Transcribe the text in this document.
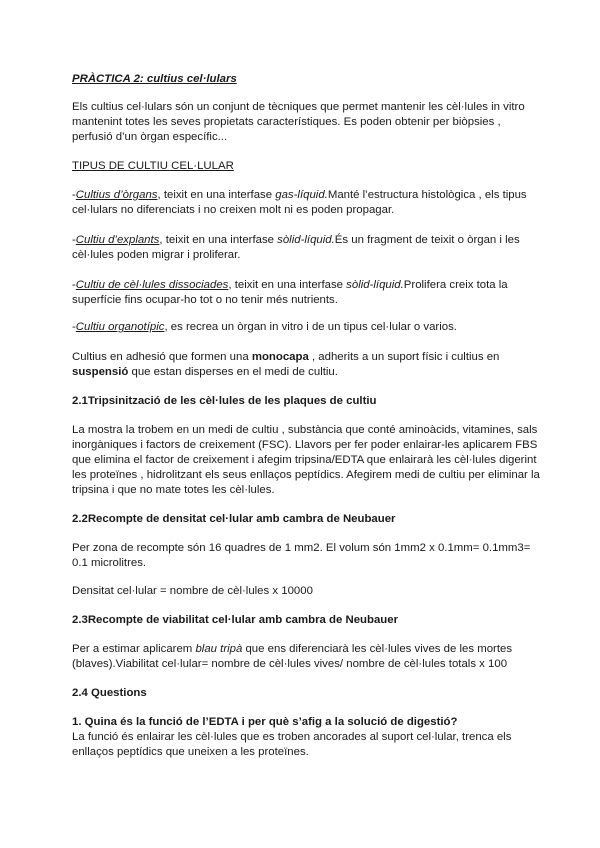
PRÀCTICA 2: cultius cel·lulars

Els cultius cel·lulars són un conjunt de tècniques que permet mantenir les cèl·lules in vitro mantenint totes les seves propietats característiques. Es poden obtenir per biòpsies , perfusió d’un òrgan específic...

TIPUS DE CULTIU CEL·LULAR

-Cultius d’òrgans, teixit en una interfase gas-líquid.Manté l’estructura histològica , els tipus cel·lulars no diferenciats i no creixen molt ni es poden propagar.

-Cultiu d’explants, teixit en una interfase sòlid-líquid.És un fragment de teixit o òrgan i les cèl·lules poden migrar i proliferar.

-Cultiu de cèl·lules dissociades, teixit en una interfase sòlid-líquid.Prolifera creix tota la superfície fins ocupar-ho tot o no tenir més nutrients.

-Cultiu organotípic, es recrea un òrgan in vitro i de un tipus cel·lular o varios.

Cultius en adhesió que formen una monocapa , adherits a un suport físic i cultius en suspensió que estan disperses en el medi de cultiu.

2.1Tripsinització de les cèl·lules de les plaques de cultiu

La mostra la trobem en un medi de cultiu , substància que conté aminoàcids, vitamines, sals inorgàniques i factors de creixement (FSC). Llavors per fer poder enlairar-les aplicarem FBS que elimina el factor de creixement i afegim tripsina/EDTA que enlairarà les cèl·lules digerint les proteïnes , hidrolitzant els seus enllaços peptídics. Afegirem medi de cultiu per eliminar la tripsina i que no mate totes les cèl·lules.

2.2Recompte de densitat cel·lular amb cambra de Neubauer

Per zona de recompte són 16 quadres de 1 mm2. El volum són 1mm2 x 0.1mm= 0.1mm3= 0.1 microlitres.

Densitat cel·lular = nombre de cèl·lules x 10000

2.3Recompte de viabilitat cel·lular amb cambra de Neubauer

Per a estimar aplicarem blau tripà que ens diferenciarà les cèl·lules vives de les mortes (blaves).Viabilitat cel·lular= nombre de cèl·lules vives/ nombre de cèl·lules totals x 100

2.4 Questions

1. Quina és la funció de l’EDTA i per què s’afig a la solució de digestió?

La funció és enlairar les cèl·lules que es troben ancorades al suport cel·lular, trenca els enllaços peptídics que uneixen a les proteïnes.
